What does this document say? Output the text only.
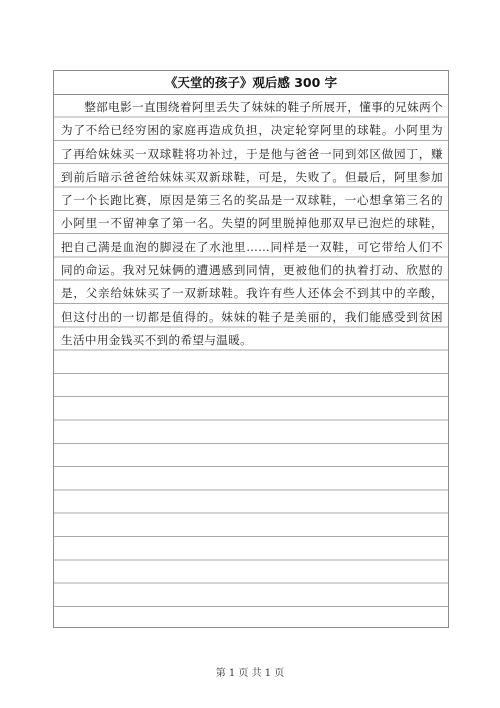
《天堂的孩子》观后感 300 字

整部电影一直围绕着阿里丢失了妹妹的鞋子所展开，懂事的兄妹两个为了不给已经穷困的家庭再造成负担，决定轮穿阿里的球鞋。小阿里为了再给妹妹买一双球鞋将功补过，于是他与爸爸一同到郊区做园丁，赚到前后暗示爸爸给妹妹买双新球鞋，可是，失败了。但最后，阿里参加了一个长跑比赛，原因是第三名的奖品是一双球鞋，一心想拿第三名的小阿里一不留神拿了第一名。失望的阿里脱掉他那双早已泡烂的球鞋，把自己满是血泡的脚浸在了水池里……同样是一双鞋，可它带给人们不同的命运。我对兄妹俩的遭遇感到同情，更被他们的执着打动、欣慰的是，父亲给妹妹买了一双新球鞋。我许有些人还体会不到其中的辛酸，但这付出的一切都是值得的。妹妹的鞋子是美丽的，我们能感受到贫困生活中用金钱买不到的希望与温暖。

第 1 页 共 1 页
